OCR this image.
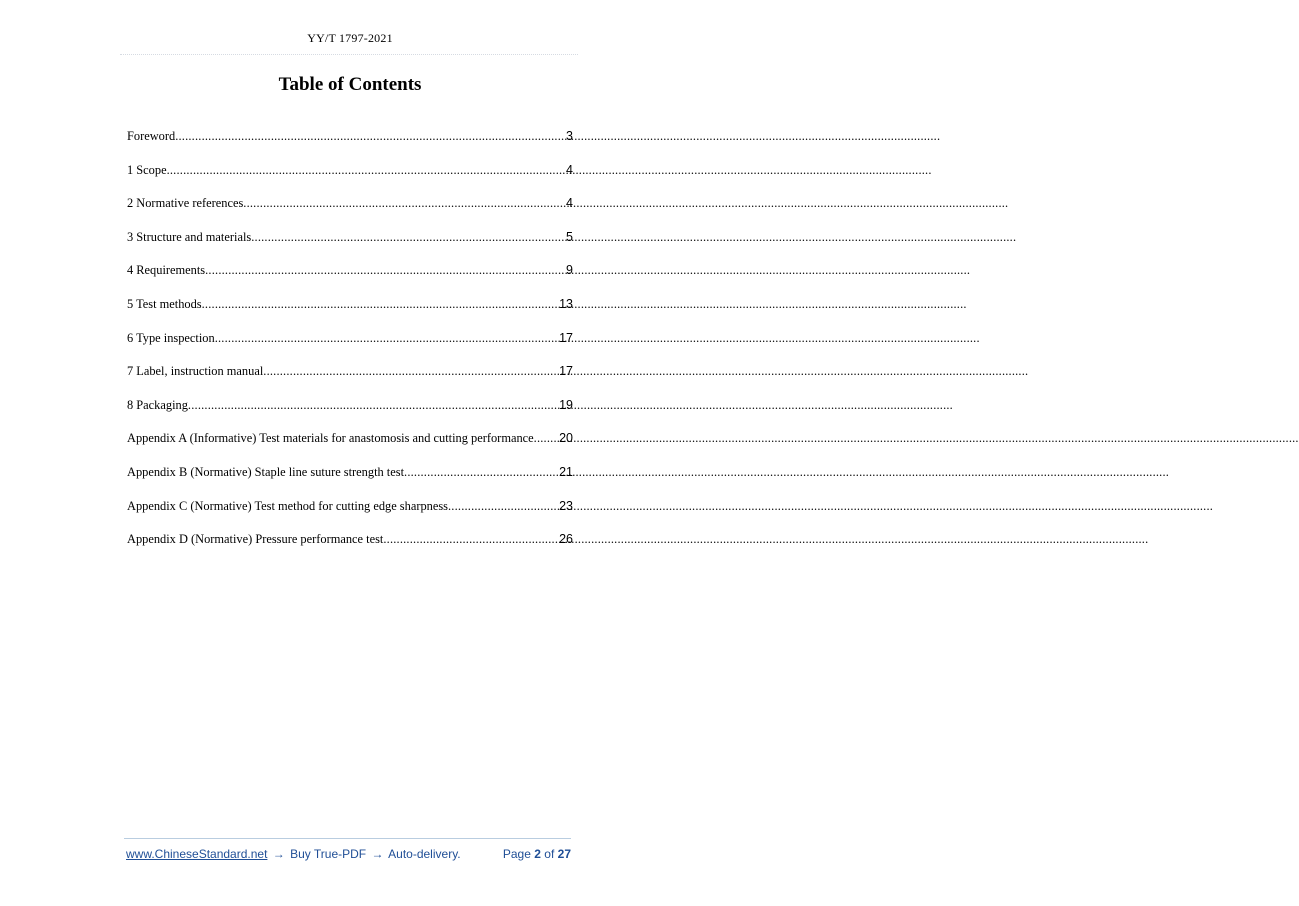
YY/T 1797-2021
Table of Contents
Foreword .....	3
1 Scope .....	4
2 Normative references .....	4
3 Structure and materials .....	5
4 Requirements .....	9
5 Test methods .....	13
6 Type inspection .....	17
7 Label, instruction manual .....	17
8 Packaging .....	19
Appendix A (Informative) Test materials for anastomosis and cutting performance ..... 20
Appendix B (Normative) Staple line suture strength test .....	21
Appendix C (Normative) Test method for cutting edge sharpness .....	23
Appendix D (Normative) Pressure performance test .....	26
www.ChineseStandard.net → Buy True-PDF → Auto-delivery.	Page 2 of 27
